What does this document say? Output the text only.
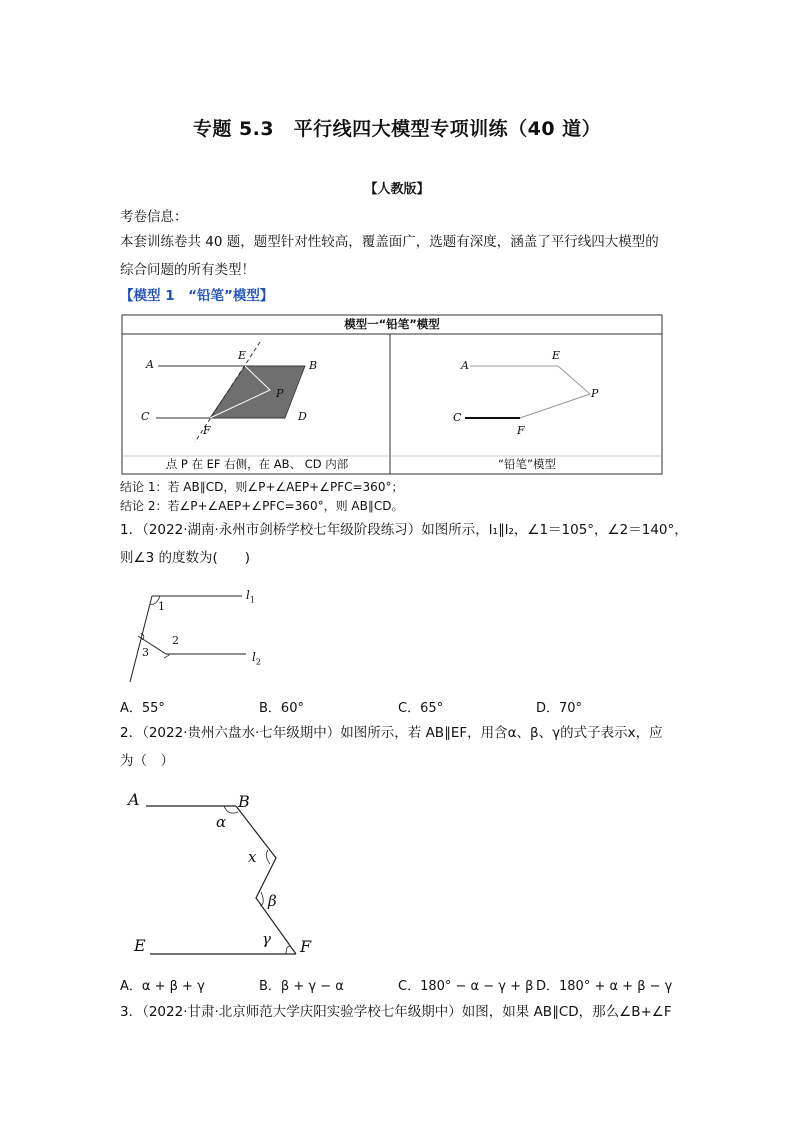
专题 5.3　平行线四大模型专项训练（40 道）
【人教版】
考卷信息：
本套训练卷共 40 题，题型针对性较高，覆盖面广，选题有深度，涵盖了平行线四大模型的
综合问题的所有类型！
【模型 1　“铅笔”模型】
模型一“铅笔”模型
点 P 在 EF 右侧，在 AB、 CD 内部	“铅笔”模型
A
E
B
P
C
F
D
A
E
P
C
F
结论 1：若 AB∥CD，则∠P+∠AEP+∠PFC=360°；
结论 2：若∠P+∠AEP+∠PFC=360°，则 AB∥CD。
1．（2022·湖南·永州市剑桥学校七年级阶段练习）如图所示，l₁∥l₂，∠1＝105°，∠2＝140°，
则∠3 的度数为(　　)
1
2
3
$l_1$
$l_2$
A．55°	B．60°	C．65°	D．70°
2．（2022·贵州六盘水·七年级期中）如图所示，若 AB∥EF，用含α、β、γ的式子表示x，应
为（　）
A	B
α
x
β
γ
E	F
A．α + β + γ	B．β + γ − α	C．180° − α − γ + β D．180° + α + β − γ
3．（2022·甘肃·北京师范大学庆阳实验学校七年级期中）如图，如果 AB∥CD，那么∠B+∠F
